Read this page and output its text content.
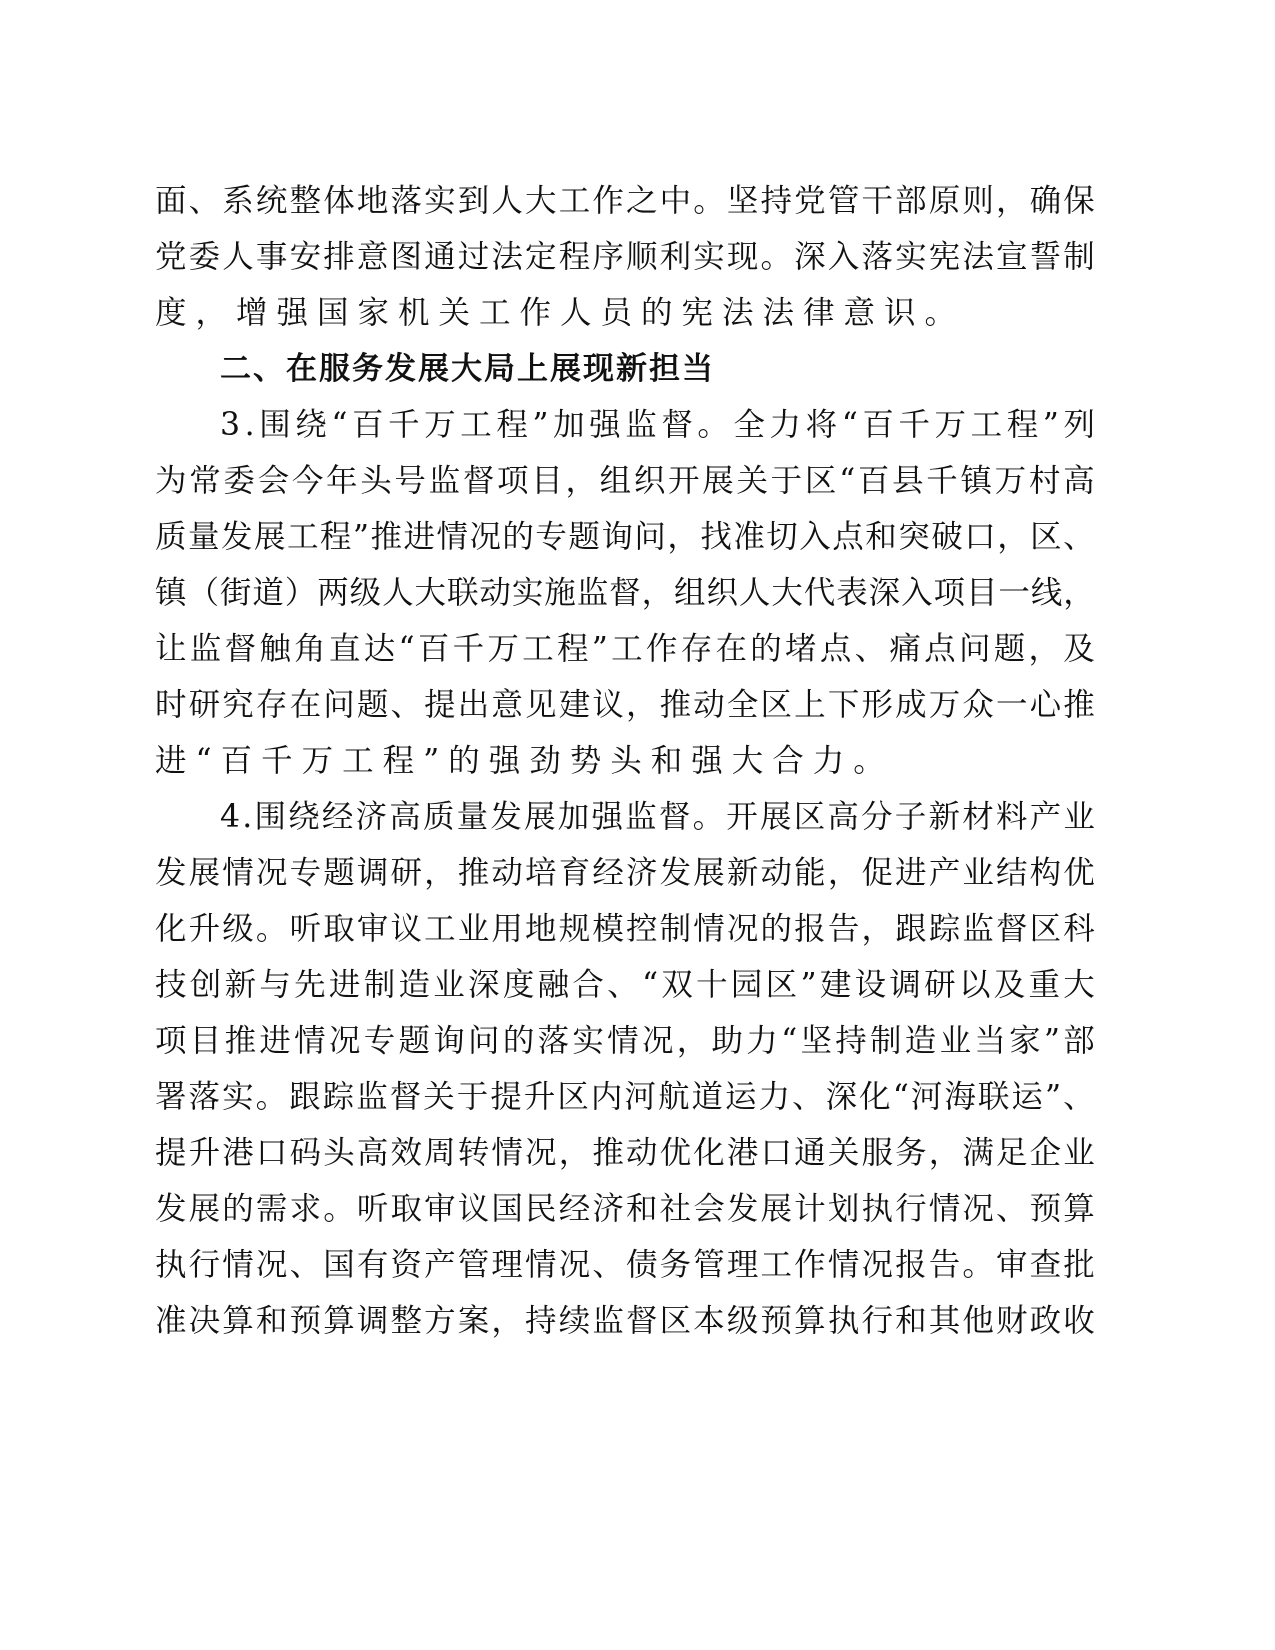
面 、 系 统 整 体 地 落 实 到 人 大 工 作 之 中 。 坚 持 党 管 干 部 原 则 ， 确 保
党 委 人 事 安 排 意 图 通 过 法 定 程 序 顺 利 实 现 。 深 入 落 实 宪 法 宣 誓 制
度，增强国家机关工作人员的宪法法律意识。
二、在服务发展大局上展现新担当
3 . 围 绕 “ 百 千 万 工 程 ” 加 强 监 督 。 全 力 将 “ 百 千 万 工 程 ” 列
为 常 委 会 今 年 头 号 监 督 项 目 ， 组 织 开 展 关 于 区 “ 百 县 千 镇 万 村 高
质 量 发 展 工 程 ” 推 进 情 况 的 专 题 询 问 ， 找 准 切 入 点 和 突 破 口 ， 区 、
镇 （ 街 道 ） 两 级 人 大 联 动 实 施 监 督 ， 组 织 人 大 代 表 深 入 项 目 一 线 ，
让 监 督 触 角 直 达 “ 百 千 万 工 程 ” 工 作 存 在 的 堵 点 、 痛 点 问 题 ， 及
时 研 究 存 在 问 题 、 提 出 意 见 建 议 ， 推 动 全 区 上 下 形 成 万 众 一 心 推
进“百千万工程”的强劲势头和强大合力。
4 . 围 绕 经 济 高 质 量 发 展 加 强 监 督 。 开 展 区 高 分 子 新 材 料 产 业
发 展 情 况 专 题 调 研 ， 推 动 培 育 经 济 发 展 新 动 能 ， 促 进 产 业 结 构 优
化 升 级 。 听 取 审 议 工 业 用 地 规 模 控 制 情 况 的 报 告 ， 跟 踪 监 督 区 科
技 创 新 与 先 进 制 造 业 深 度 融 合 、 “ 双 十 园 区 ” 建 设 调 研 以 及 重 大
项 目 推 进 情 况 专 题 询 问 的 落 实 情 况 ， 助 力 “ 坚 持 制 造 业 当 家 ” 部
署 落 实 。 跟 踪 监 督 关 于 提 升 区 内 河 航 道 运 力 、 深 化 “ 河 海 联 运 ” 、
提 升 港 口 码 头 高 效 周 转 情 况 ， 推 动 优 化 港 口 通 关 服 务 ， 满 足 企 业
发 展 的 需 求 。 听 取 审 议 国 民 经 济 和 社 会 发 展 计 划 执 行 情 况 、 预 算
执 行 情 况 、 国 有 资 产 管 理 情 况 、 债 务 管 理 工 作 情 况 报 告 。 审 查 批
准 决 算 和 预 算 调 整 方 案 ， 持 续 监 督 区 本 级 预 算 执 行 和 其 他 财 政 收
